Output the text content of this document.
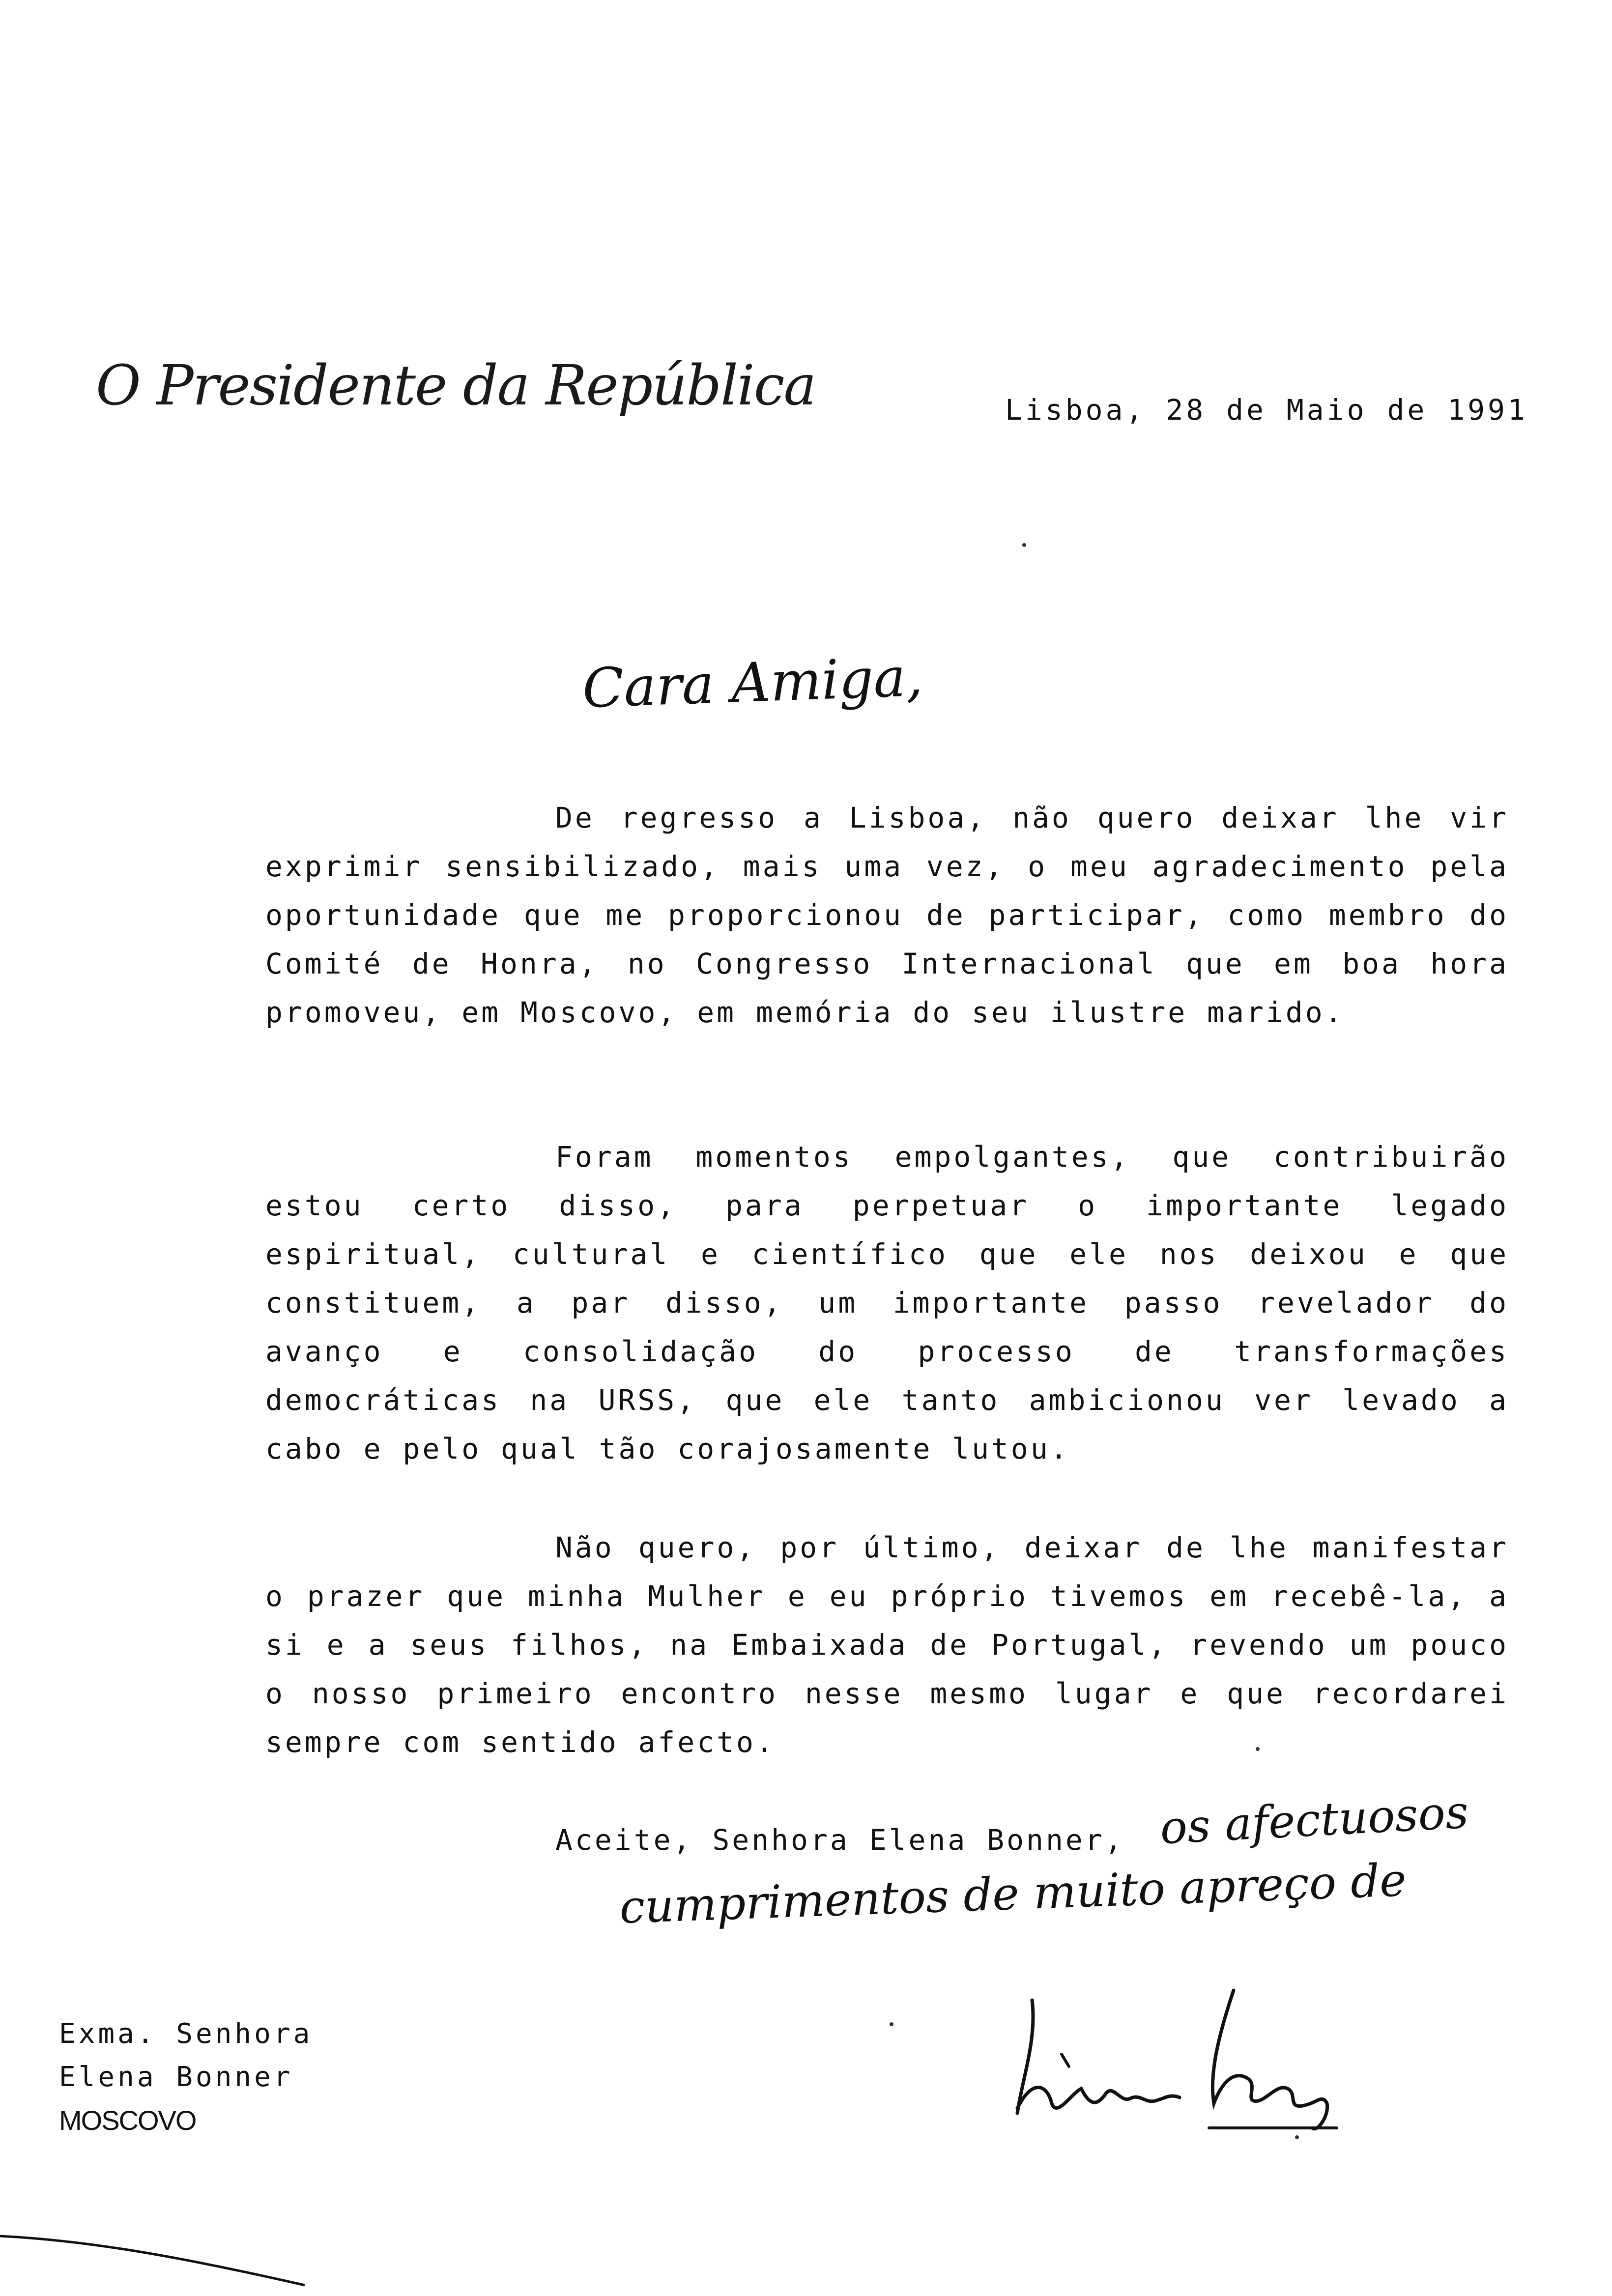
O Presidente da República	Lisboa, 28 de Maio de 1991
Cara Amiga,

De regresso a Lisboa, não quero deixar lhe vir exprimir sensibilizado, mais uma vez, o meu agradecimento pela oportunidade que me proporcionou de participar, como membro do Comité de Honra, no Congresso Internacional que em boa hora promoveu, em Moscovo, em memória do seu ilustre marido.

Foram momentos empolgantes, que contribuirão estou certo disso, para perpetuar o importante legado espiritual, cultural e científico que ele nos deixou e que constituem, a par disso, um importante passo revelador do avanço e consolidação do processo de transformações democráticas na URSS, que ele tanto ambicionou ver levado a cabo e pelo qual tão corajosamente lutou.

Não quero, por último, deixar de lhe manifestar o prazer que minha Mulher e eu próprio tivemos em recebê-la, a si e a seus filhos, na Embaixada de Portugal, revendo um pouco o nosso primeiro encontro nesse mesmo lugar e que recordarei sempre com sentido afecto.

Aceite, Senhora Elena Bonner, os afectuosos
cumprimentos de muito apreço de
Exma. Senhora
Elena Bonner
MOSCOVO
